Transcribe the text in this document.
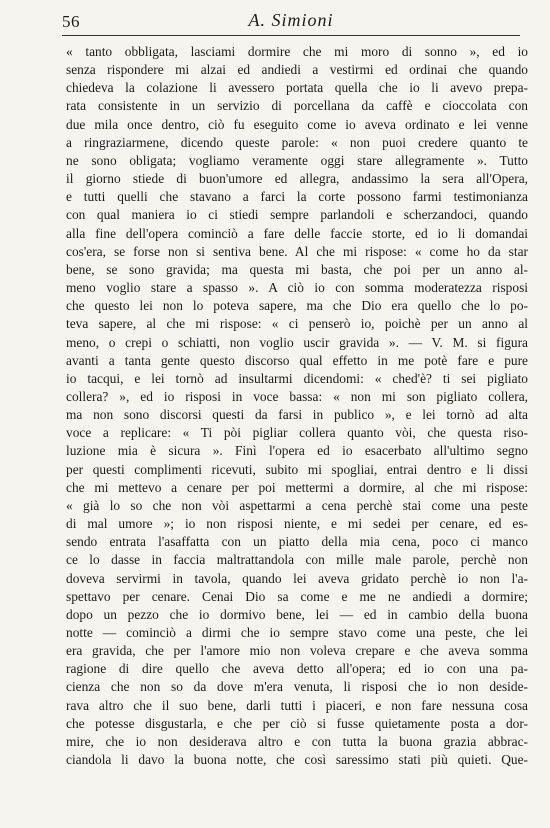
56	A. Simioni
« tanto obbligata, lasciami dormire che mi moro di sonno », ed io
senza rispondere mi alzai ed andiedi a vestirmi ed ordinai che quando
chiedeva la colazione li avessero portata quella che io li avevo prepa-
rata consistente in un servizio di porcellana da caffè e cioccolata con
due mila once dentro, ciò fu eseguito come io aveva ordinato e lei venne
a ringraziarmene, dicendo queste parole: « non puoi credere quanto te
ne sono obligata; vogliamo veramente oggi stare allegramente ». Tutto
il giorno stiede di buon'umore ed allegra, andassimo la sera all'Opera,
e tutti quelli che stavano a farci la corte possono farmi testimonianza
con qual maniera io ci stiedi sempre parlandoli e scherzandoci, quando
alla fine dell'opera cominciò a fare delle faccie storte, ed io li domandai
cos'era, se forse non si sentiva bene. Al che mi rispose: « come ho da star
bene, se sono gravida; ma questa mi basta, che poi per un anno al-
meno voglio stare a spasso ». A ciò io con somma moderatezza risposi
che questo lei non lo poteva sapere, ma che Dio era quello che lo po-
teva sapere, al che mi rispose: « ci penserò io, poichè per un anno al
meno, o crepi o schiatti, non voglio uscir gravida ». — V. M. si figura
avanti a tanta gente questo discorso qual effetto in me potè fare e pure
io tacqui, e lei tornò ad insultarmi dicendomi: « ched'è? ti sei pigliato
collera? », ed io risposi in voce bassa: « non mi son pigliato collera,
ma non sono discorsi questi da farsi in publico », e lei tornò ad alta
voce a replicare: « Ti pòi pigliar collera quanto vòi, che questa riso-
luzione mia è sicura ». Finì l'opera ed io esacerbato all'ultimo segno
per questi complimenti ricevuti, subito mi spogliai, entrai dentro e li dissi
che mi mettevo a cenare per poi mettermi a dormire, al che mi rispose:
« già lo so che non vòi aspettarmi a cena perchè stai come una peste
di mal umore »; io non risposi niente, e mi sedei per cenare, ed es-
sendo entrata l'asaffatta con un piatto della mia cena, poco ci manco
ce lo dasse in faccia maltrattandola con mille male parole, perchè non
doveva servirmi in tavola, quando lei aveva gridato perchè io non l'a-
spettavo per cenare. Cenai Dio sa come e me ne andiedi a dormire;
dopo un pezzo che io dormivo bene, lei — ed in cambio della buona
notte — cominciò a dirmi che io sempre stavo come una peste, che lei
era gravida, che per l'amore mio non voleva crepare e che aveva somma
ragione di dire quello che aveva detto all'opera; ed io con una pa-
cienza che non so da dove m'era venuta, li risposi che io non deside-
rava altro che il suo bene, darli tutti i piaceri, e non fare nessuna cosa
che potesse disgustarla, e che per ciò si fusse quietamente posta a dor-
mire, che io non desiderava altro e con tutta la buona grazia abbrac-
ciandola li davo la buona notte, che così saressimo stati più quieti. Que-
